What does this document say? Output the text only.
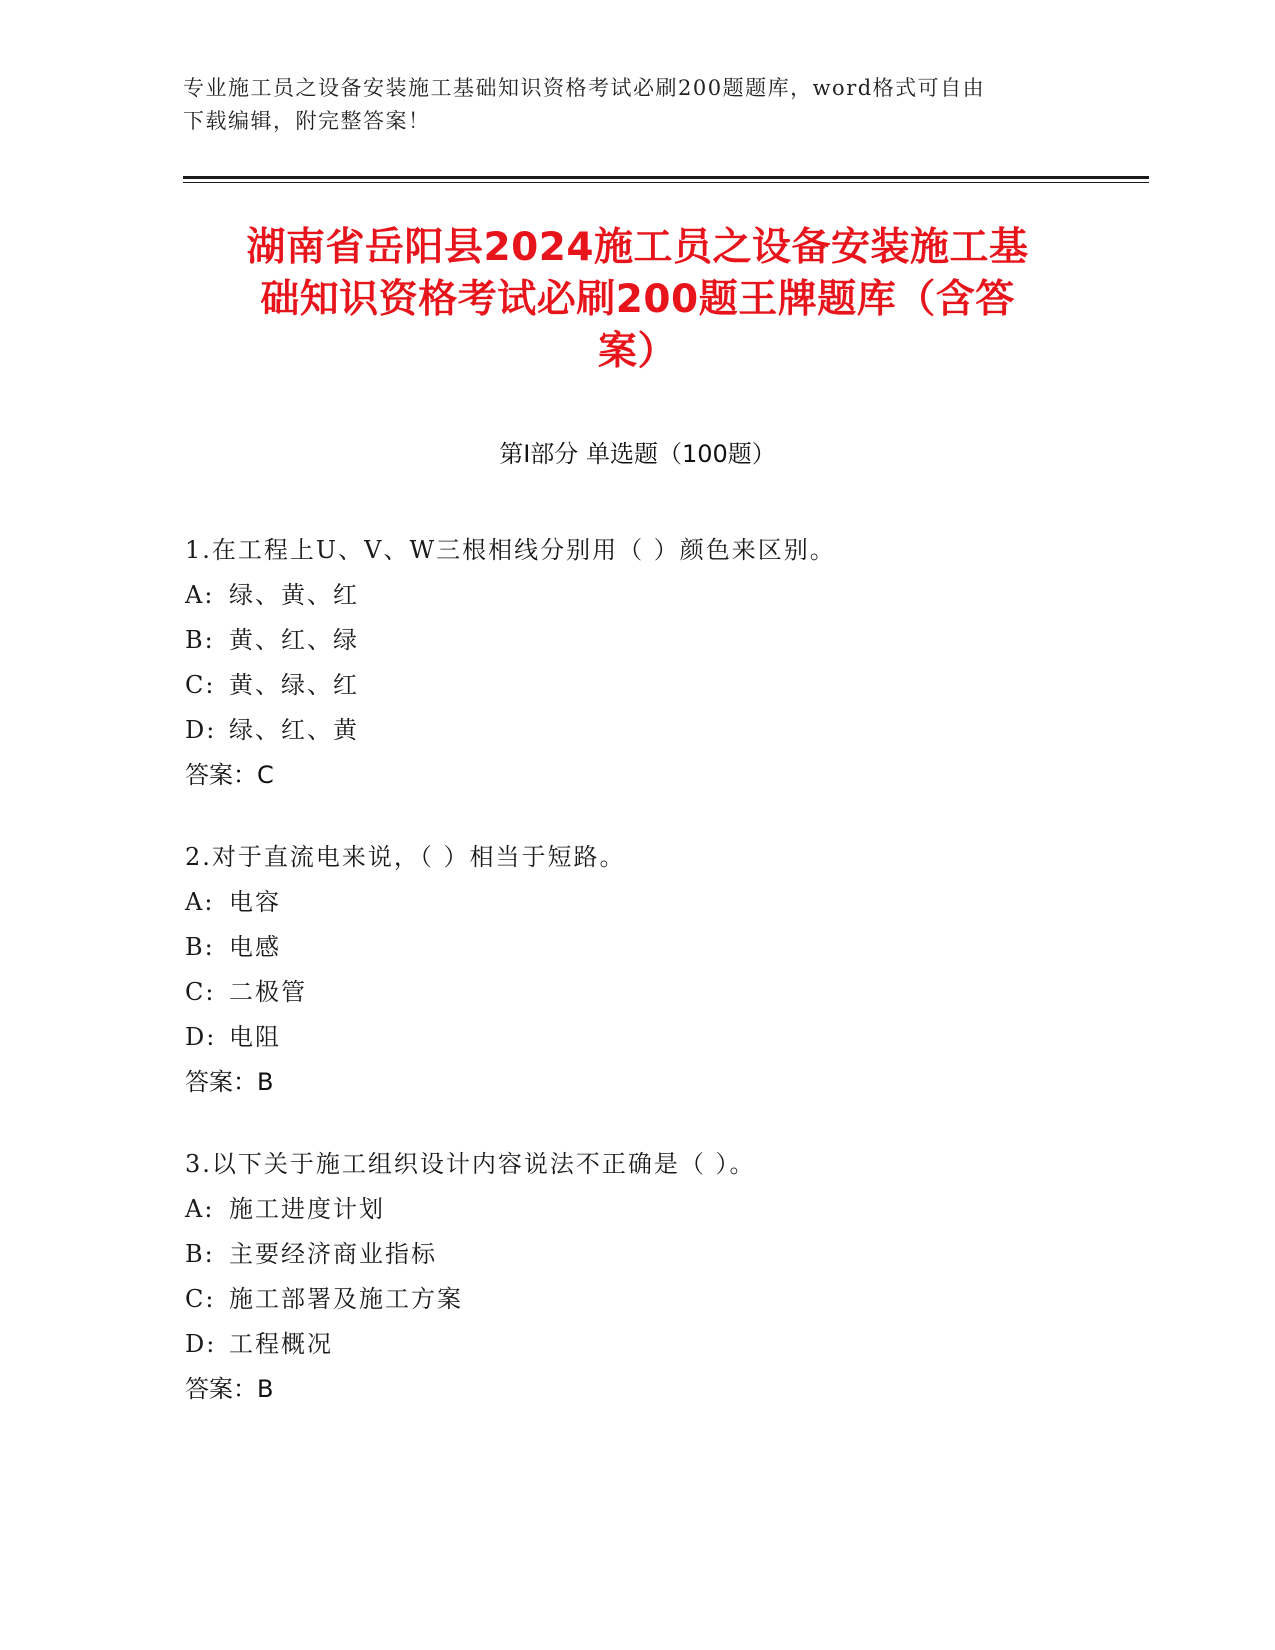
专业施工员之设备安装施工基础知识资格考试必刷200题题库，word格式可自由
下载编辑，附完整答案！
湖南省岳阳县2024施工员之设备安装施工基
础知识资格考试必刷200题王牌题库（含答
案）
第I部分 单选题（100题）
1.在工程上U、V、W三根相线分别用（ ）颜色来区别。
A: 绿、黄、红
B: 黄、红、绿
C: 黄、绿、红
D: 绿、红、黄
答案：C
2.对于直流电来说，（ ）相当于短路。
A: 电容
B: 电感
C: 二极管
D: 电阻
答案：B
3.以下关于施工组织设计内容说法不正确是（ ）。
A: 施工进度计划
B: 主要经济商业指标
C: 施工部署及施工方案
D: 工程概况
答案：B
